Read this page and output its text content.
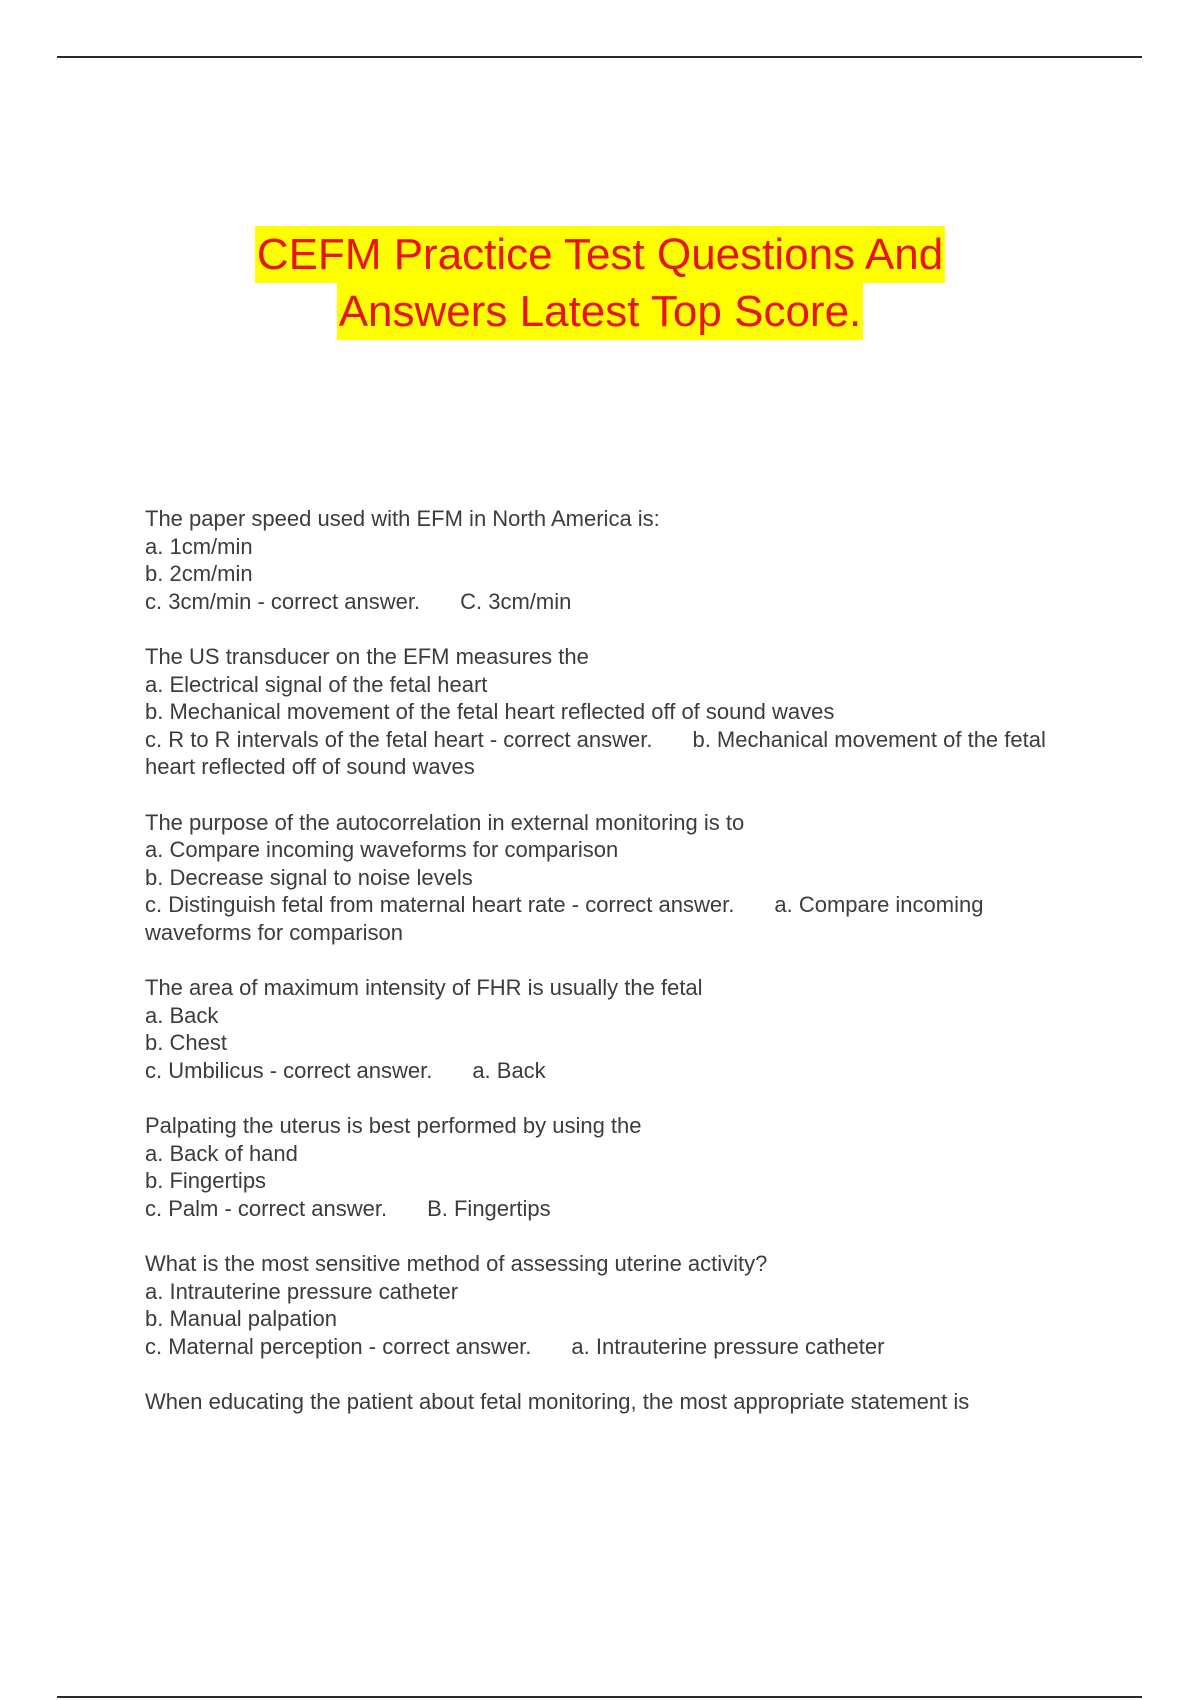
CEFM Practice Test Questions And
Answers Latest Top Score.
The paper speed used with EFM in North America is:
a. 1cm/min
b. 2cm/min
c. 3cm/min - correct answer. C. 3cm/min
The US transducer on the EFM measures the
a. Electrical signal of the fetal heart
b. Mechanical movement of the fetal heart reflected off of sound waves
c. R to R intervals of the fetal heart - correct answer. b. Mechanical movement of the fetal heart reflected off of sound waves
The purpose of the autocorrelation in external monitoring is to
a. Compare incoming waveforms for comparison
b. Decrease signal to noise levels
c. Distinguish fetal from maternal heart rate - correct answer. a. Compare incoming waveforms for comparison
The area of maximum intensity of FHR is usually the fetal
a. Back
b. Chest
c. Umbilicus - correct answer. a. Back
Palpating the uterus is best performed by using the
a. Back of hand
b. Fingertips
c. Palm - correct answer. B. Fingertips
What is the most sensitive method of assessing uterine activity?
a. Intrauterine pressure catheter
b. Manual palpation
c. Maternal perception - correct answer. a. Intrauterine pressure catheter
When educating the patient about fetal monitoring, the most appropriate statement is
